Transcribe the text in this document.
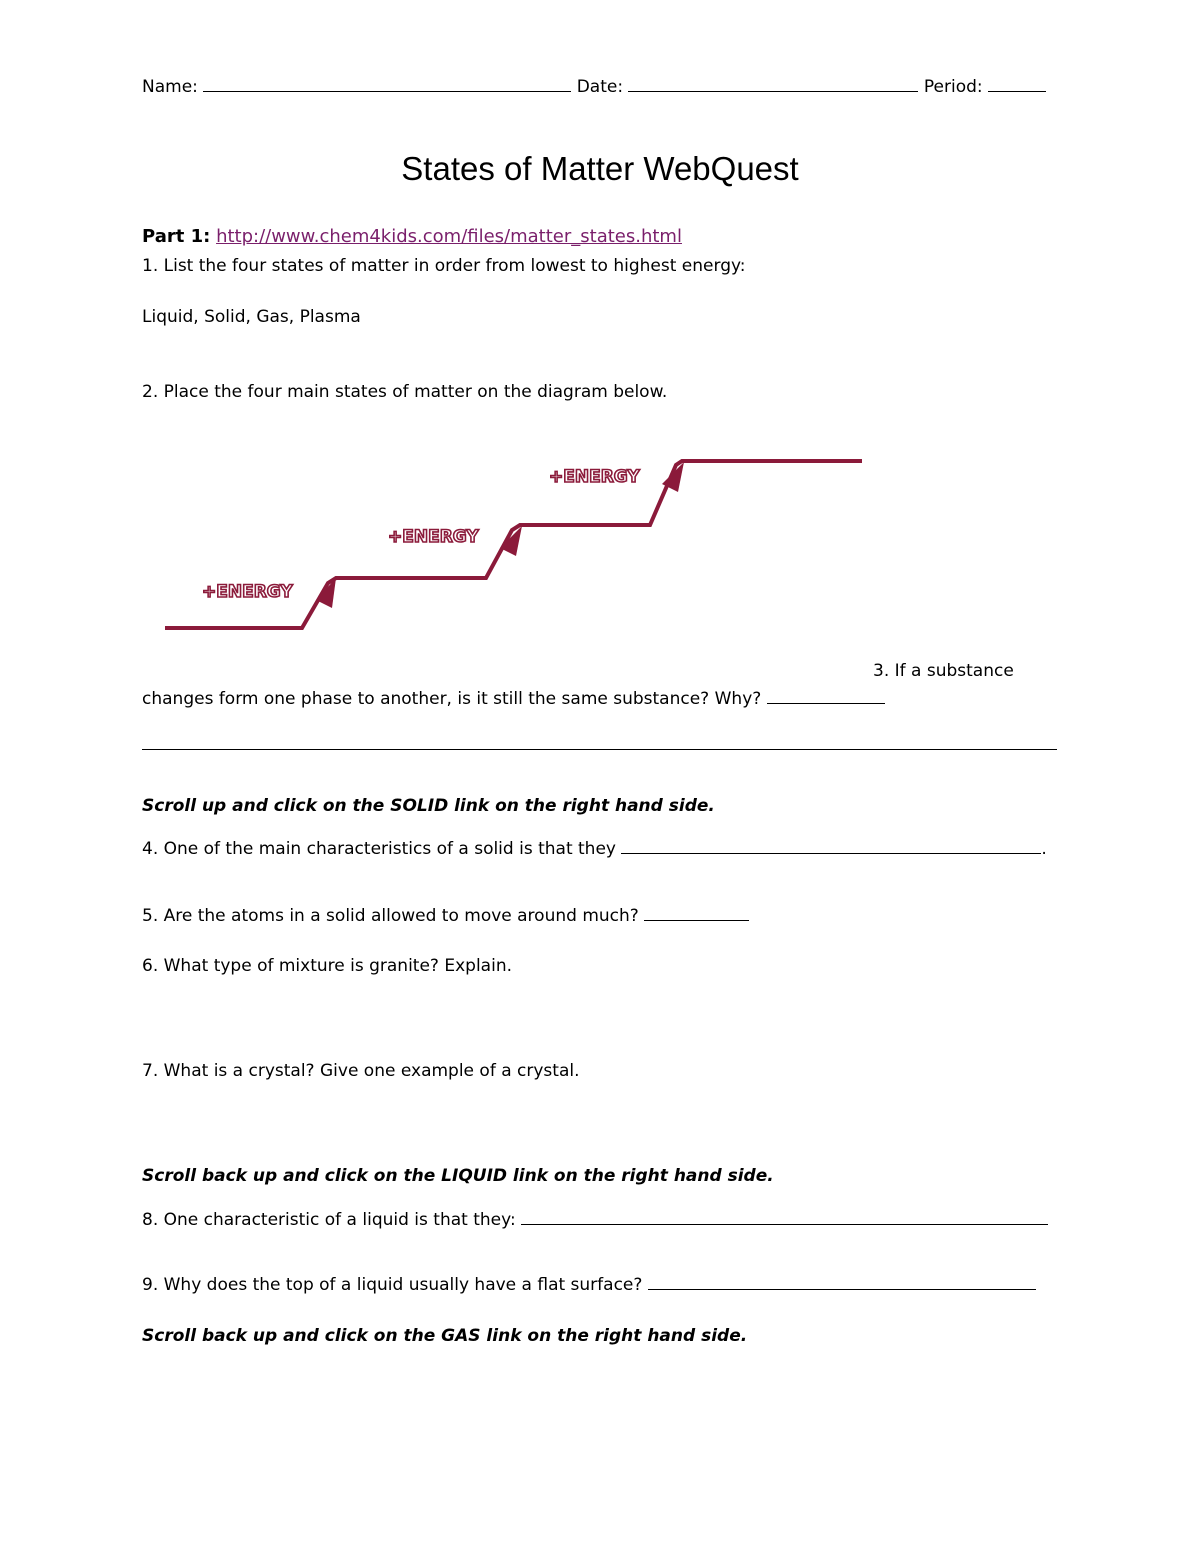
Name:	Date:	Period:
States of Matter WebQuest
Part 1: http://www.chem4kids.com/files/matter_states.html
1. List the four states of matter in order from lowest to highest energy:
Liquid, Solid, Gas, Plasma
2. Place the four main states of matter on the diagram below.
+ENERGY
+ENERGY
+ENERGY
3. If a substance
changes form one phase to another, is it still the same substance? Why?
Scroll up and click on the SOLID link on the right hand side.
4. One of the main characteristics of a solid is that they	.
5. Are the atoms in a solid allowed to move around much?
6. What type of mixture is granite? Explain.
7. What is a crystal? Give one example of a crystal.
Scroll back up and click on the LIQUID link on the right hand side.
8. One characteristic of a liquid is that they:
9. Why does the top of a liquid usually have a flat surface?
Scroll back up and click on the GAS link on the right hand side.
